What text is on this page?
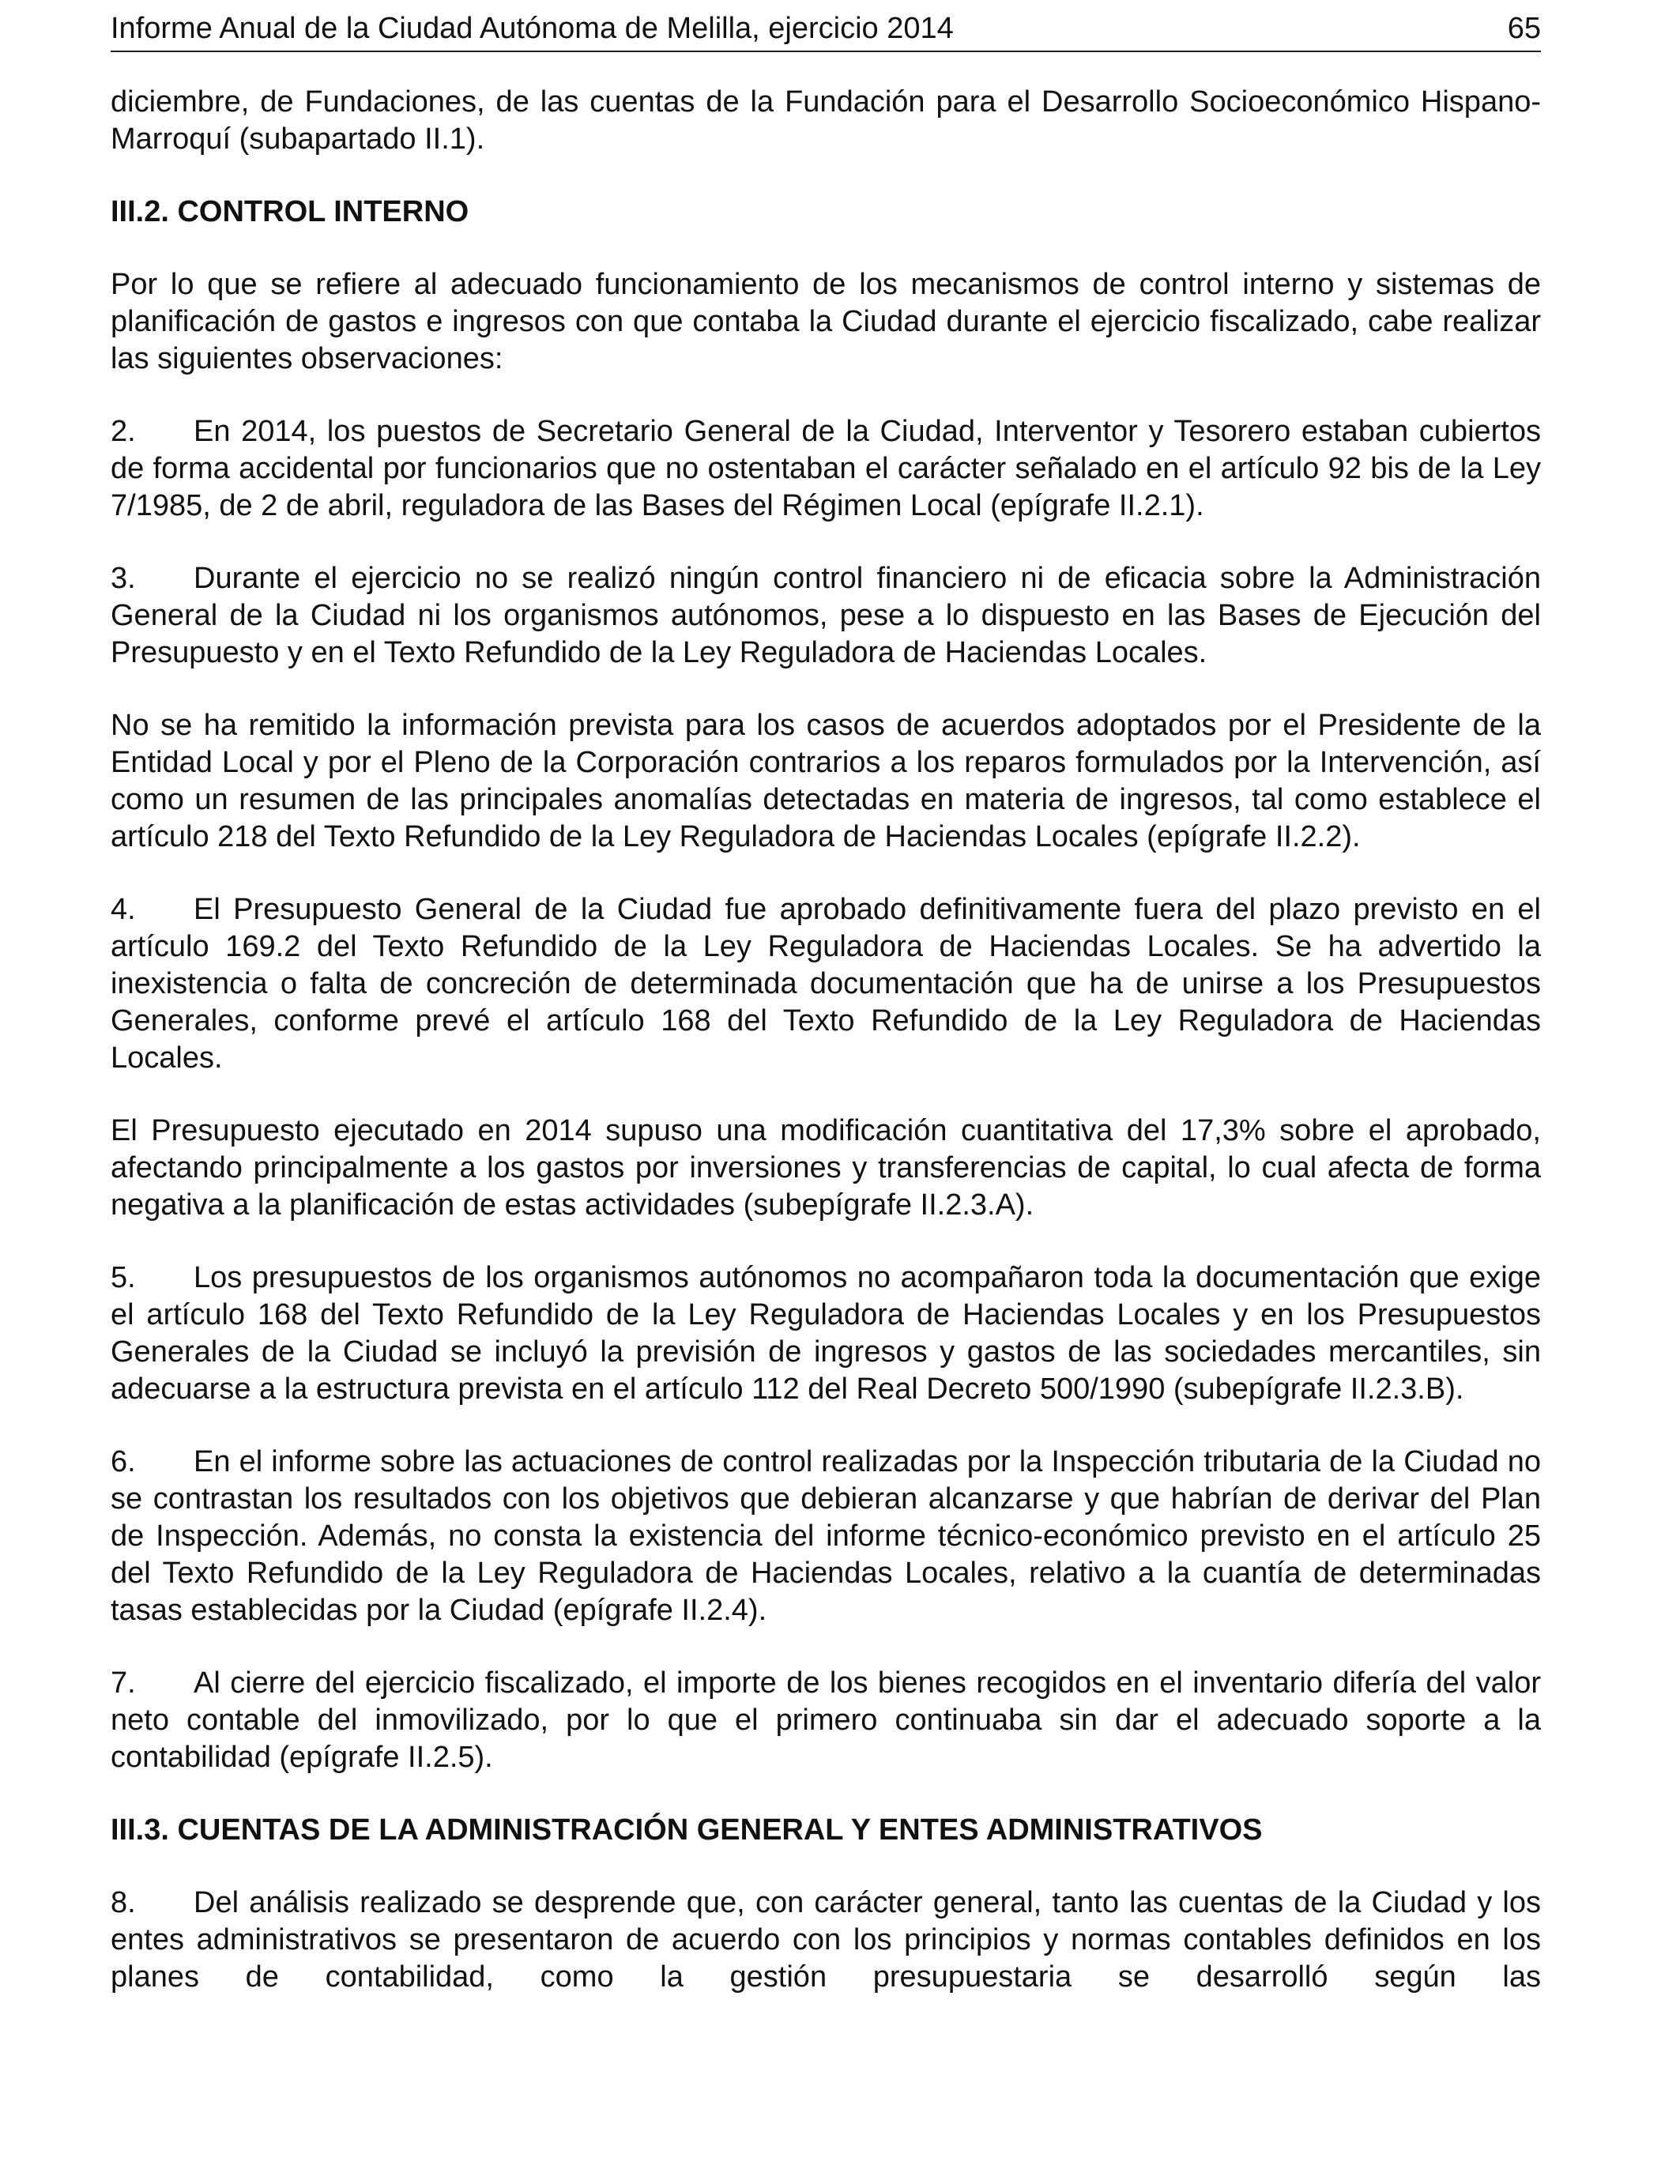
Informe Anual de la Ciudad Autónoma de Melilla, ejercicio 2014	65

diciembre, de Fundaciones, de las cuentas de la Fundación para el Desarrollo Socioeconómico Hispano-Marroquí (subapartado II.1).

III.2. CONTROL INTERNO

Por lo que se refiere al adecuado funcionamiento de los mecanismos de control interno y sistemas de planificación de gastos e ingresos con que contaba la Ciudad durante el ejercicio fiscalizado, cabe realizar las siguientes observaciones:

2. En 2014, los puestos de Secretario General de la Ciudad, Interventor y Tesorero estaban cubiertos de forma accidental por funcionarios que no ostentaban el carácter señalado en el artículo 92 bis de la Ley 7/1985, de 2 de abril, reguladora de las Bases del Régimen Local (epígrafe II.2.1).

3. Durante el ejercicio no se realizó ningún control financiero ni de eficacia sobre la Administración General de la Ciudad ni los organismos autónomos, pese a lo dispuesto en las Bases de Ejecución del Presupuesto y en el Texto Refundido de la Ley Reguladora de Haciendas Locales.

No se ha remitido la información prevista para los casos de acuerdos adoptados por el Presidente de la Entidad Local y por el Pleno de la Corporación contrarios a los reparos formulados por la Intervención, así como un resumen de las principales anomalías detectadas en materia de ingresos, tal como establece el artículo 218 del Texto Refundido de la Ley Reguladora de Haciendas Locales (epígrafe II.2.2).

4. El Presupuesto General de la Ciudad fue aprobado definitivamente fuera del plazo previsto en el artículo 169.2 del Texto Refundido de la Ley Reguladora de Haciendas Locales. Se ha advertido la inexistencia o falta de concreción de determinada documentación que ha de unirse a los Presupuestos Generales, conforme prevé el artículo 168 del Texto Refundido de la Ley Reguladora de Haciendas Locales.

El Presupuesto ejecutado en 2014 supuso una modificación cuantitativa del 17,3% sobre el aprobado, afectando principalmente a los gastos por inversiones y transferencias de capital, lo cual afecta de forma negativa a la planificación de estas actividades (subepígrafe II.2.3.A).

5. Los presupuestos de los organismos autónomos no acompañaron toda la documentación que exige el artículo 168 del Texto Refundido de la Ley Reguladora de Haciendas Locales y en los Presupuestos Generales de la Ciudad se incluyó la previsión de ingresos y gastos de las sociedades mercantiles, sin adecuarse a la estructura prevista en el artículo 112 del Real Decreto 500/1990 (subepígrafe II.2.3.B).

6. En el informe sobre las actuaciones de control realizadas por la Inspección tributaria de la Ciudad no se contrastan los resultados con los objetivos que debieran alcanzarse y que habrían de derivar del Plan de Inspección. Además, no consta la existencia del informe técnico-económico previsto en el artículo 25 del Texto Refundido de la Ley Reguladora de Haciendas Locales, relativo a la cuantía de determinadas tasas establecidas por la Ciudad (epígrafe II.2.4).

7. Al cierre del ejercicio fiscalizado, el importe de los bienes recogidos en el inventario difería del valor neto contable del inmovilizado, por lo que el primero continuaba sin dar el adecuado soporte a la contabilidad (epígrafe II.2.5).

III.3. CUENTAS DE LA ADMINISTRACIÓN GENERAL Y ENTES ADMINISTRATIVOS

8. Del análisis realizado se desprende que, con carácter general, tanto las cuentas de la Ciudad y los entes administrativos se presentaron de acuerdo con los principios y normas contables definidos en los planes de contabilidad, como la gestión presupuestaria se desarrolló según las
